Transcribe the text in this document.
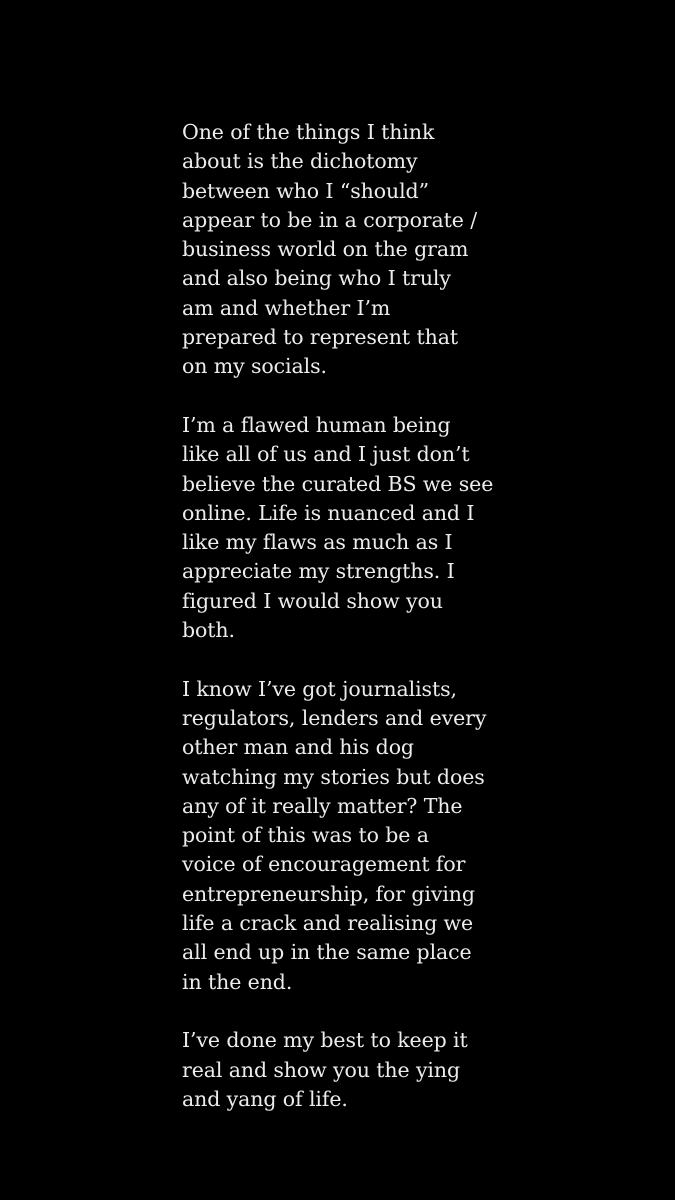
One of the things I think
about is the dichotomy
between who I “should”
appear to be in a corporate /
business world on the gram
and also being who I truly
am and whether I’m
prepared to represent that
on my socials.

I’m a flawed human being
like all of us and I just don’t
believe the curated BS we see
online. Life is nuanced and I
like my flaws as much as I
appreciate my strengths. I
figured I would show you
both.

I know I’ve got journalists,
regulators, lenders and every
other man and his dog
watching my stories but does
any of it really matter? The
point of this was to be a
voice of encouragement for
entrepreneurship, for giving
life a crack and realising we
all end up in the same place
in the end.

I’ve done my best to keep it
real and show you the ying
and yang of life.
